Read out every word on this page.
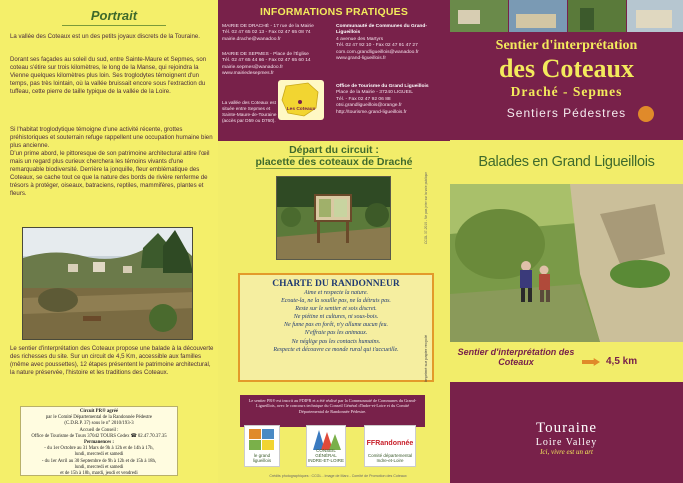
Portrait

La vallée des Coteaux est un des petits joyaux discrets de la Touraine.

Dorant ses façades au soleil du sud, entre Sainte-Maure et Sepmes, son coteau s'étire sur trois kilomètres, le long de la Manse, qui rejoindra la Vienne quelques kilomètres plus loin. Ses troglodytes témoignent d'un temps, pas très lointain, où la vallée bruissait encore sous l'extraction du tuffeau, cette pierre de taille typique de la vallée de la Loire.

Si l'habitat troglodytique témoigne d'une activité récente, grottes préhistoriques et souterrain refuge rappellent une occupation humaine bien plus ancienne.

D'un prime abord, le pittoresque de son patrimoine architectural attire l'œil mais un regard plus curieux cherchera les témoins vivants d'une remarquable biodiversité. Derrière la jonquille, fleur emblématique des Coteaux, se cache tout ce que la nature des bords de rivière renferme de trésors à protéger, oiseaux, batraciens, reptiles, mammifères, plantes et fleurs.

Le sentier d'interprétation des Coteaux propose une balade à la découverte des richesses du site. Sur un circuit de 4,5 Km, accessible aux familles (même avec poussettes), 12 étapes présentent le patrimoine architectural, la nature préservée, l'histoire et les traditions des Coteaux.

Circuit PR® agréé
par le Comité Départemental de la Randonnée Pédestre
(C.D.R.P. 37) sous le n° 2010/193-3
Accueil de Conseil :
Office de Tourisme de Tours 37042 TOURS Cedex ☎ 02.47.70.37.35
Permanences :
- du 1er Octobre au 31 Mars de 9h à 12h et de 14h à 17h,
lundi, mercredi et samedi
- du 1er Avril au 30 Septembre de 9h à 12h et de 15h à 18h,
lundi, mercredi et samedi
et de 15h à 18h, mardi, jeudi et vendredi
INFORMATIONS PRATIQUES
MAIRIE DE DRACHÉ - 17 rue de la Mairie
Tél. 02 47 65 02 13 - Fax 02 47 65 08 74
mairie.drache@wanadoo.fr
MAIRIE DE SEPMES - Place de l'Église
Tél. 02 47 65 44 66 - Fax 02 47 65 60 14
mairie.sepmes@wanadoo.fr
www.mairiedesepmes.fr
Communauté de Communes du Grand-Ligueillois
4 avenue des Martyrs
Tél. 02 47 92 10 - Fax 02 47 91 47 27
com.com.grandligueillois@wanadoo.fr
www.grand-ligueillois.fr
Office de Tourisme du Grand Ligueillois
Place de la Mairie - 37240 LIGUEIL
Tél. - Fax 02 47 92 06 88
otsi.grandligueillois@orange.fr
http://tourisme.grand-ligueillois.fr
Les Coteaux
La vallée des Coteaux est située entre Sepmes et Sainte-Maure-de-Touraine (accès par D59 ou D760).
Départ du circuit :
placette des coteaux de Draché
CHARTE DU RANDONNEUR
Aime et respecte la nature.
Ecoute-la, ne la souille pas, ne la détruis pas.
Reste sur le sentier et sois discret.
Ne piétine ni cultures, ni sous-bois.
Ne fume pas en forêt, n'y allume aucun feu.
N'effraie pas les animaux.
Ne néglige pas les contacts humains.
Respecte et découvre ce monde rural qui t'accueille.
Le sentier PR® est inscrit au PDIPR et a été réalisé par la Communauté de Communes du Grand-Ligueillois, avec le concours technique du Conseil Général d'Indre-et-Loire et du Comité Départemental de Randonnée Pédestre.
le grand ligueillois
CONSEIL GÉNÉRAL INDRE-ET-LOIRE
FFRandonnée
Comité départemental Indre-et-Loire
Crédits photographiques : CCGL - Image de Marc - Comité de Promotion des Coteaux
CCGL 37-2010 - Ne pas jeter sur la voie publique
Imprimé sur papier recyclé
Sentier d'interprétation
des Coteaux
Draché - Sepmes
Sentiers Pédestres
Balades en Grand Ligueillois
Sentier d'interprétation des Coteaux	4,5 km
Touraine
Loire Valley
Ici, vivre est un art
